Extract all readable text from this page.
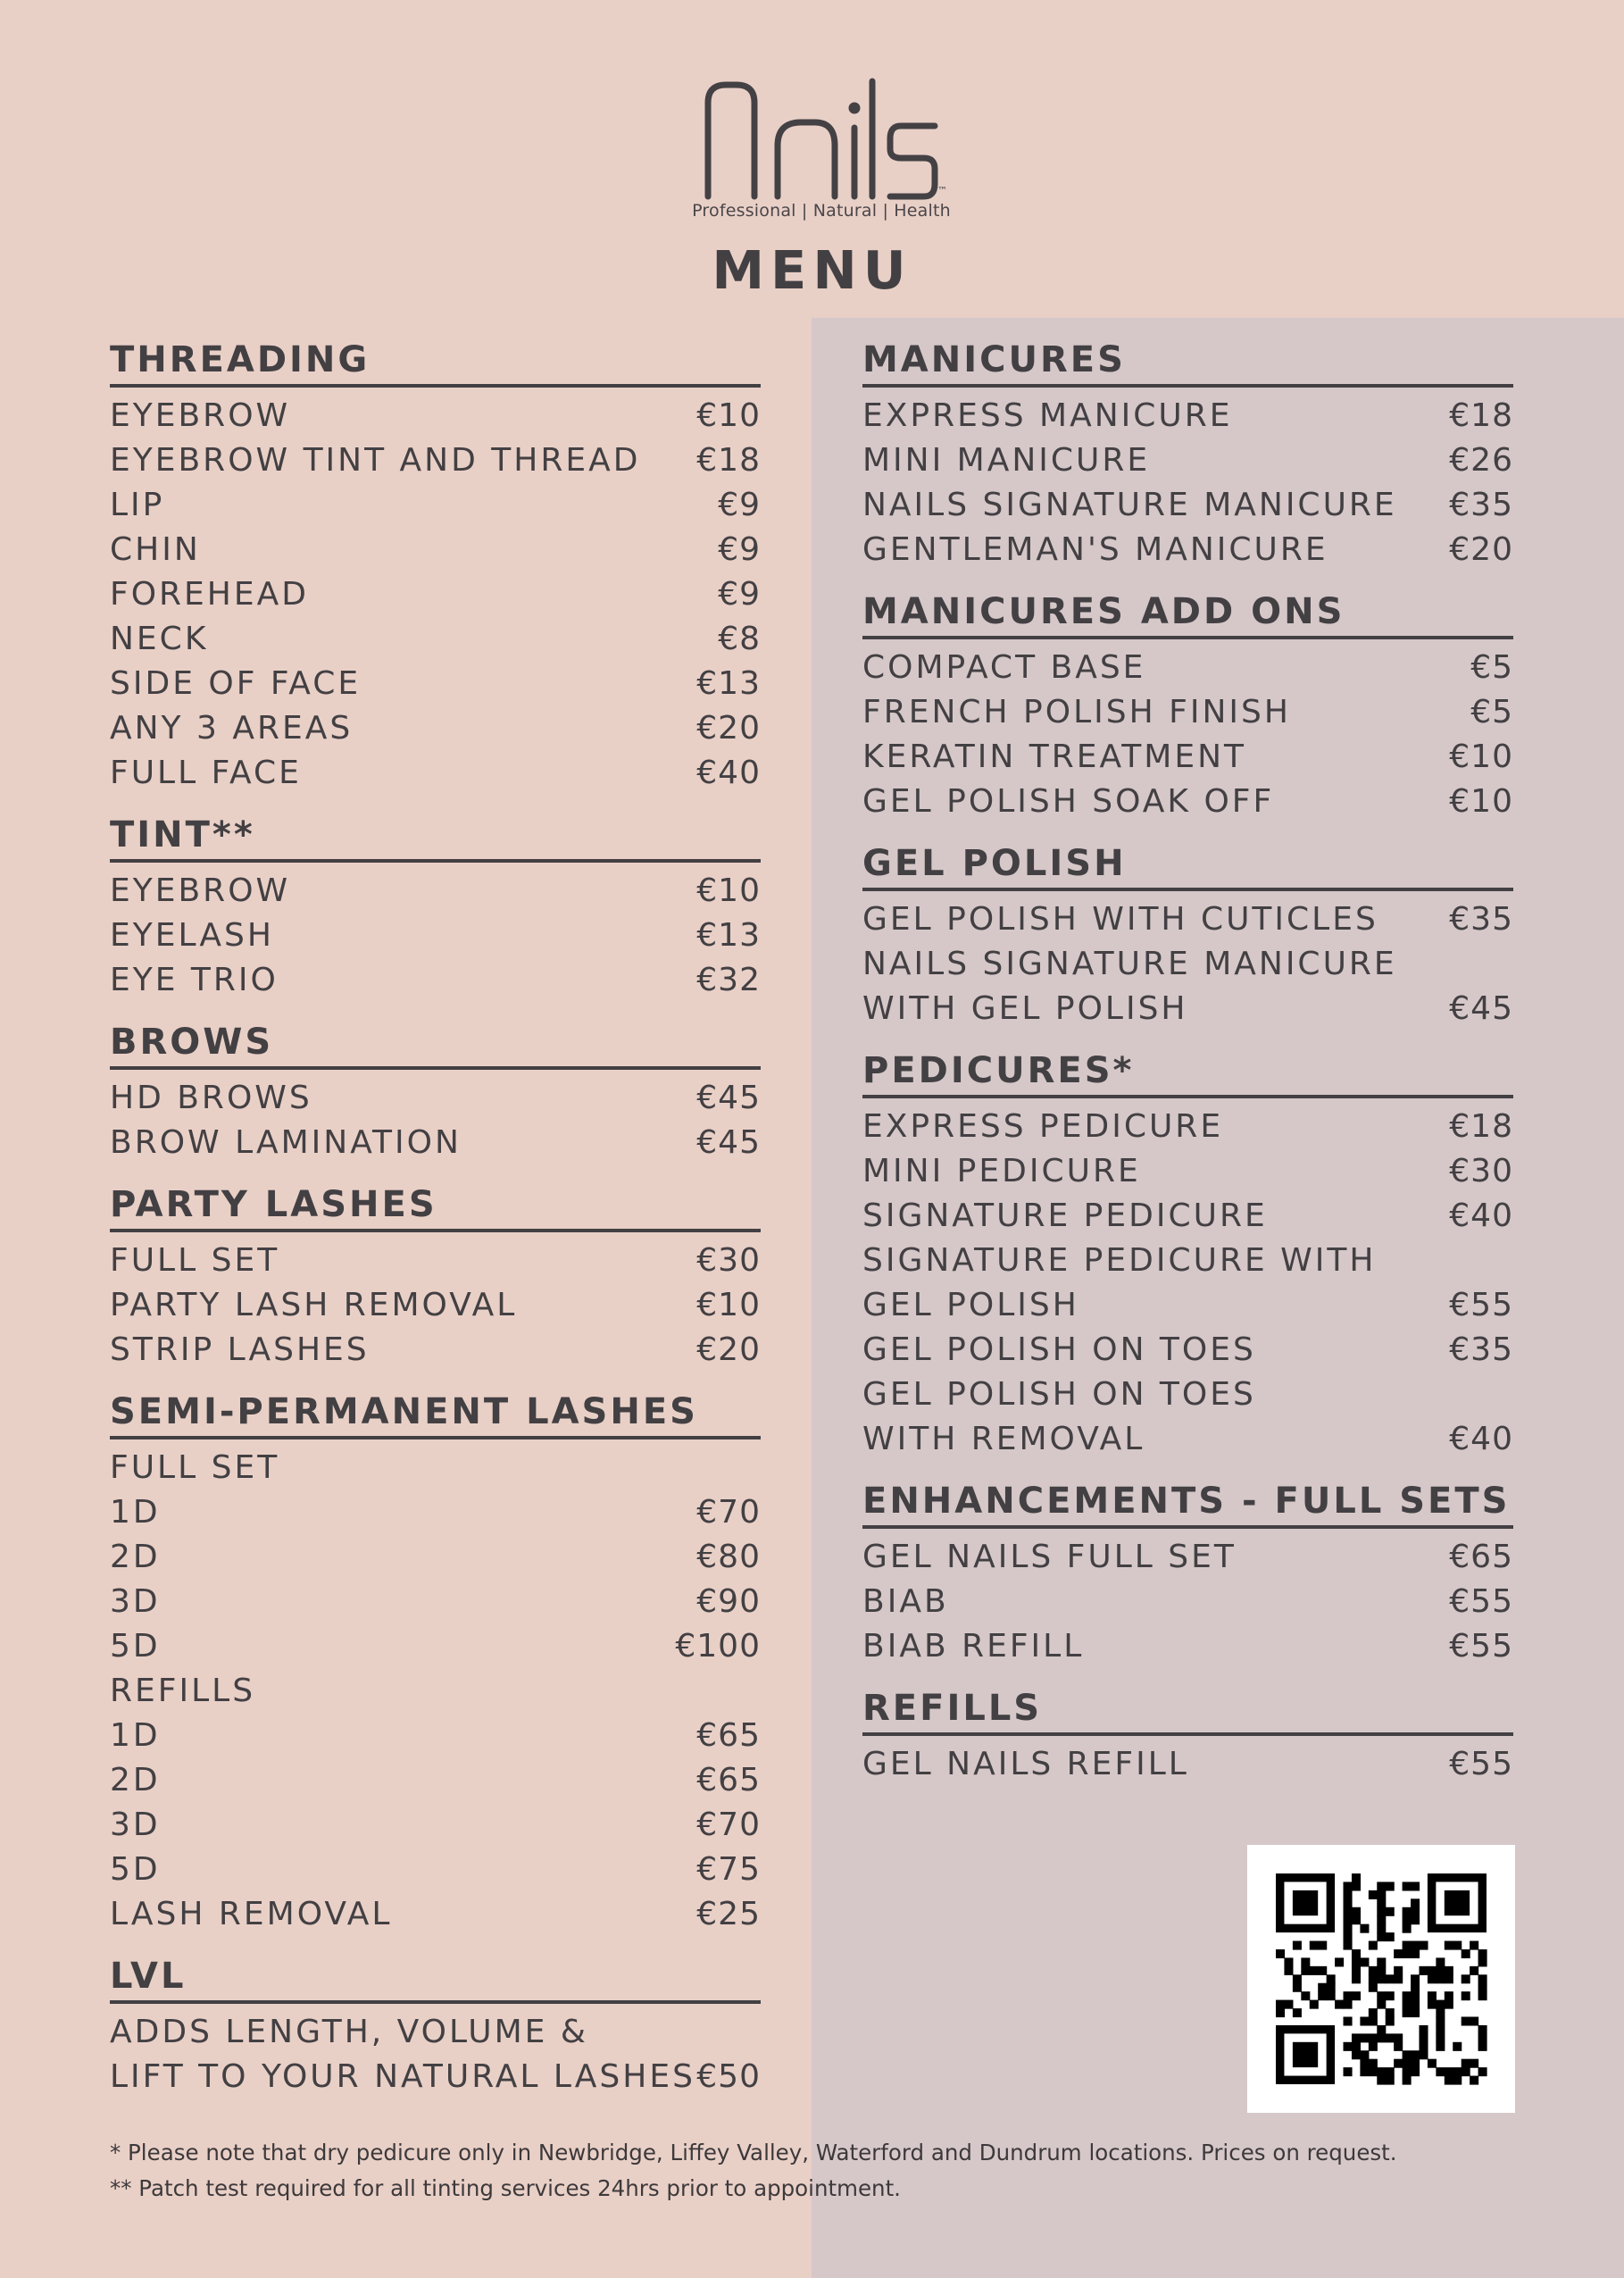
™
Professional | Natural | Health
MENU
THREADING
EYEBROW	€10
EYEBROW TINT AND THREAD €18
LIP	€9
CHIN	€9
FOREHEAD	€9
NECK	€8
SIDE OF FACE	€13
ANY 3 AREAS	€20
FULL FACE	€40
TINT**
EYEBROW	€10
EYELASH	€13
EYE TRIO	€32
BROWS
HD BROWS	€45
BROW LAMINATION	€45
PARTY LASHES
FULL SET	€30
PARTY LASH REMOVAL	€10
STRIP LASHES	€20
SEMI-PERMANENT LASHES
FULL SET
1D	€70
2D	€80
3D	€90
5D	€100
REFILLS
1D	€65
2D	€65
3D	€70
5D	€75
LASH REMOVAL	€25
LVL
ADDS LENGTH, VOLUME &
LIFT TO YOUR NATURAL LASHES €50
MANICURES
EXPRESS MANICURE	€18
MINI MANICURE	€26
NAILS SIGNATURE MANICURE €35
GENTLEMAN'S MANICURE	€20
MANICURES ADD ONS
COMPACT BASE	€5
FRENCH POLISH FINISH	€5
KERATIN TREATMENT	€10
GEL POLISH SOAK OFF	€10
GEL POLISH
GEL POLISH WITH CUTICLES €35
NAILS SIGNATURE MANICURE
WITH GEL POLISH	€45
PEDICURES*
EXPRESS PEDICURE	€18
MINI PEDICURE	€30
SIGNATURE PEDICURE	€40
SIGNATURE PEDICURE WITH
GEL POLISH	€55
GEL POLISH ON TOES	€35
GEL POLISH ON TOES
WITH REMOVAL	€40
ENHANCEMENTS - FULL SETS
GEL NAILS FULL SET	€65
BIAB	€55
BIAB REFILL	€55
REFILLS
GEL NAILS REFILL	€55
* Please note that dry pedicure only in Newbridge, Liffey Valley, Waterford and Dundrum locations. Prices on request.
** Patch test required for all tinting services 24hrs prior to appointment.
